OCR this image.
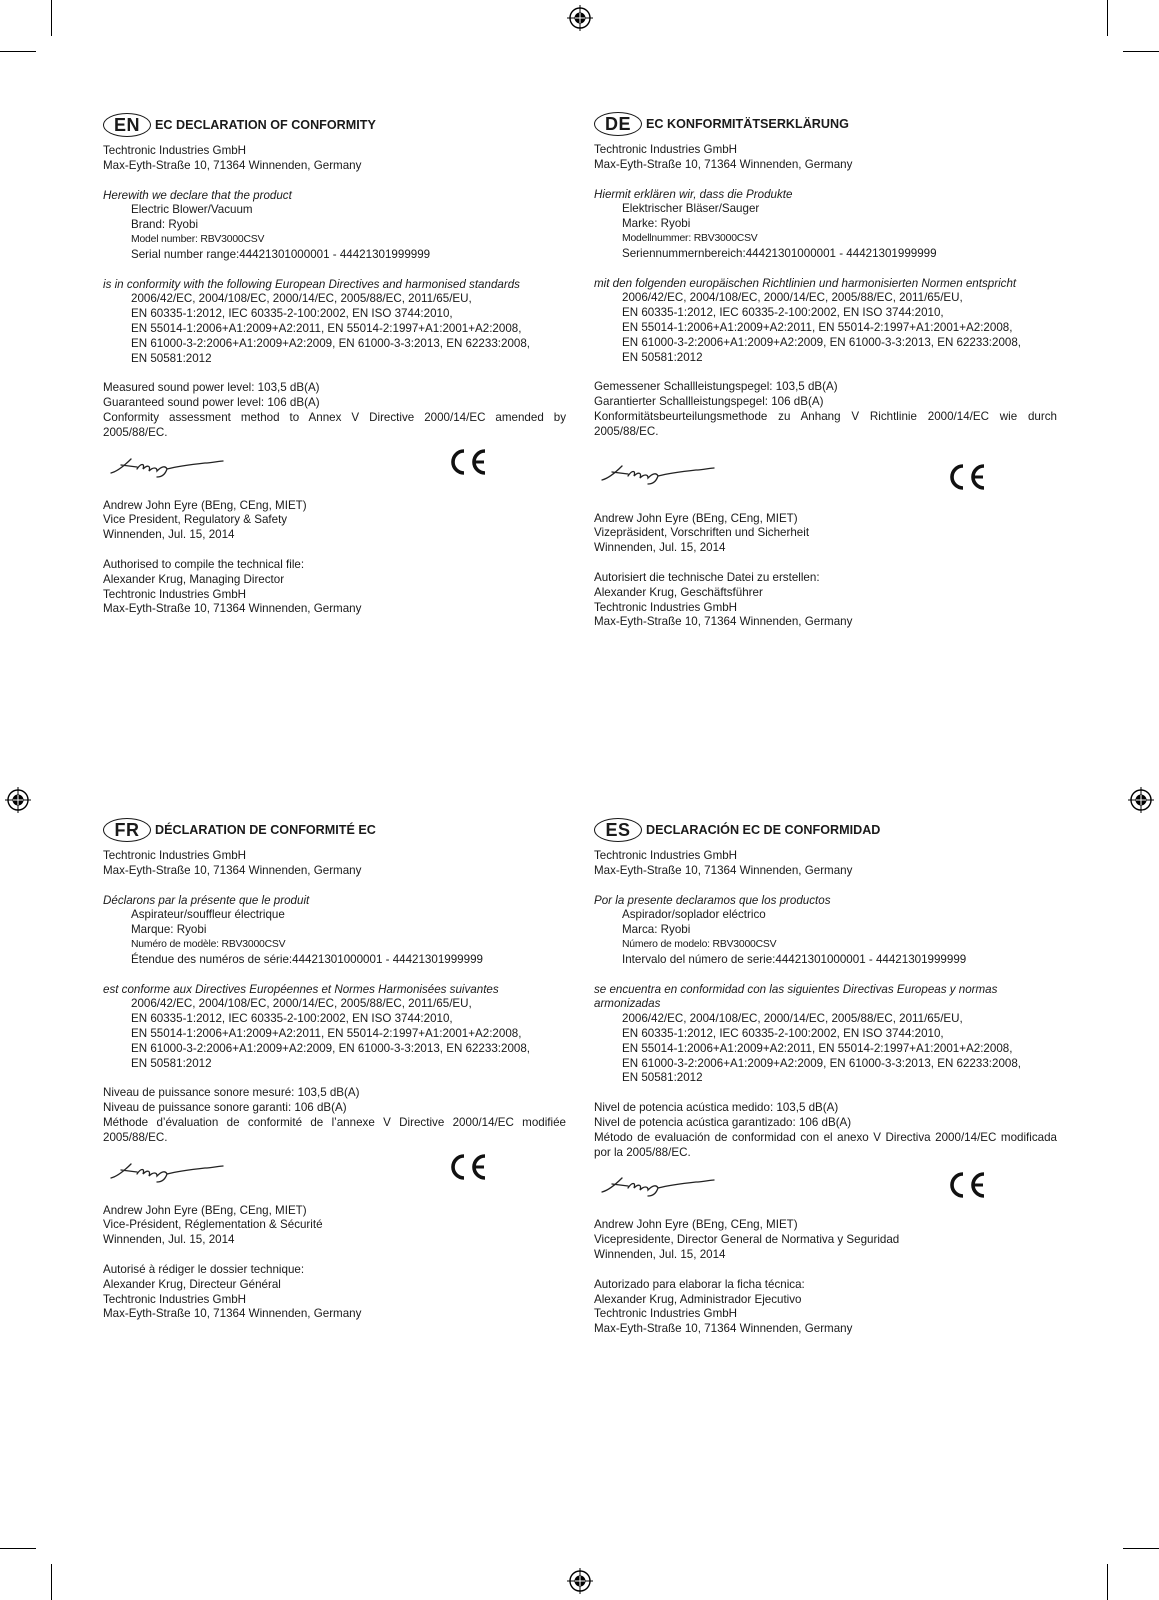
EN	EC DECLARATION OF CONFORMITY

Techtronic Industries GmbH

Max-Eyth-Straße 10, 71364 Winnenden, Germany

Herewith we declare that the product

Electric Blower/Vacuum

Brand: Ryobi

Model number: RBV3000CSV

Serial number range:44421301000001 - 44421301999999

is in conformity with the following European Directives and harmonised standards

2006/42/EC, 2004/108/EC, 2000/14/EC, 2005/88/EC, 2011/65/EU,

EN 60335-1:2012, IEC 60335-2-100:2002, EN ISO 3744:2010,

EN 55014-1:2006+A1:2009+A2:2011, EN 55014-2:1997+A1:2001+A2:2008,

EN 61000-3-2:2006+A1:2009+A2:2009, EN 61000-3-3:2013, EN 62233:2008,

EN 50581:2012

Measured sound power level: 103,5 dB(A)

Guaranteed sound power level: 106 dB(A)

Conformity assessment method to Annex V Directive 2000/14/EC amended by 2005/88/EC.

Andrew John Eyre (BEng, CEng, MIET)

Vice President, Regulatory & Safety

Winnenden, Jul. 15, 2014

Authorised to compile the technical file:

Alexander Krug, Managing Director

Techtronic Industries GmbH

Max-Eyth-Straße 10, 71364 Winnenden, Germany

DE	EC KONFORMITÄTSERKLÄRUNG

Techtronic Industries GmbH

Max-Eyth-Straße 10, 71364 Winnenden, Germany

Hiermit erklären wir, dass die Produkte

Elektrischer Bläser/Sauger

Marke: Ryobi

Modellnummer: RBV3000CSV

Seriennummernbereich:44421301000001 - 44421301999999

mit den folgenden europäischen Richtlinien und harmonisierten Normen entspricht

2006/42/EC, 2004/108/EC, 2000/14/EC, 2005/88/EC, 2011/65/EU,

EN 60335-1:2012, IEC 60335-2-100:2002, EN ISO 3744:2010,

EN 55014-1:2006+A1:2009+A2:2011, EN 55014-2:1997+A1:2001+A2:2008,

EN 61000-3-2:2006+A1:2009+A2:2009, EN 61000-3-3:2013, EN 62233:2008,

EN 50581:2012

Gemessener Schallleistungspegel: 103,5 dB(A)

Garantierter Schallleistungspegel: 106 dB(A)

Konformitätsbeurteilungsmethode zu Anhang V Richtlinie 2000/14/EC wie durch 2005/88/EC.

Andrew John Eyre (BEng, CEng, MIET)

Vizepräsident, Vorschriften und Sicherheit

Winnenden, Jul. 15, 2014

Autorisiert die technische Datei zu erstellen:

Alexander Krug, Geschäftsführer

Techtronic Industries GmbH

Max-Eyth-Straße 10, 71364 Winnenden, Germany

FR	DÉCLARATION DE CONFORMITÉ EC

Techtronic Industries GmbH

Max-Eyth-Straße 10, 71364 Winnenden, Germany

Déclarons par la présente que le produit

Aspirateur/souffleur électrique

Marque: Ryobi

Numéro de modèle: RBV3000CSV

Étendue des numéros de série:44421301000001 - 44421301999999

est conforme aux Directives Européennes et Normes Harmonisées suivantes

2006/42/EC, 2004/108/EC, 2000/14/EC, 2005/88/EC, 2011/65/EU,

EN 60335-1:2012, IEC 60335-2-100:2002, EN ISO 3744:2010,

EN 55014-1:2006+A1:2009+A2:2011, EN 55014-2:1997+A1:2001+A2:2008,

EN 61000-3-2:2006+A1:2009+A2:2009, EN 61000-3-3:2013, EN 62233:2008,

EN 50581:2012

Niveau de puissance sonore mesuré: 103,5 dB(A)

Niveau de puissance sonore garanti: 106 dB(A)

Méthode d’évaluation de conformité de l’annexe V Directive 2000/14/EC modifiée 2005/88/EC.

Andrew John Eyre (BEng, CEng, MIET)

Vice-Président, Réglementation & Sécurité

Winnenden, Jul. 15, 2014

Autorisé à rédiger le dossier technique:

Alexander Krug, Directeur Général

Techtronic Industries GmbH

Max-Eyth-Straße 10, 71364 Winnenden, Germany

ES	DECLARACIÓN EC DE CONFORMIDAD

Techtronic Industries GmbH

Max-Eyth-Straße 10, 71364 Winnenden, Germany

Por la presente declaramos que los productos

Aspirador/soplador eléctrico

Marca: Ryobi

Número de modelo: RBV3000CSV

Intervalo del número de serie:44421301000001 - 44421301999999

se encuentra en conformidad con las siguientes Directivas Europeas y normas armonizadas

2006/42/EC, 2004/108/EC, 2000/14/EC, 2005/88/EC, 2011/65/EU,

EN 60335-1:2012, IEC 60335-2-100:2002, EN ISO 3744:2010,

EN 55014-1:2006+A1:2009+A2:2011, EN 55014-2:1997+A1:2001+A2:2008,

EN 61000-3-2:2006+A1:2009+A2:2009, EN 61000-3-3:2013, EN 62233:2008,

EN 50581:2012

Nivel de potencia acústica medido: 103,5 dB(A)

Nivel de potencia acústica garantizado: 106 dB(A)

Método de evaluación de conformidad con el anexo V Directiva 2000/14/EC modificada por la 2005/88/EC.

Andrew John Eyre (BEng, CEng, MIET)

Vicepresidente, Director General de Normativa y Seguridad

Winnenden, Jul. 15, 2014

Autorizado para elaborar la ficha técnica:

Alexander Krug, Administrador Ejecutivo

Techtronic Industries GmbH

Max-Eyth-Straße 10, 71364 Winnenden, Germany
